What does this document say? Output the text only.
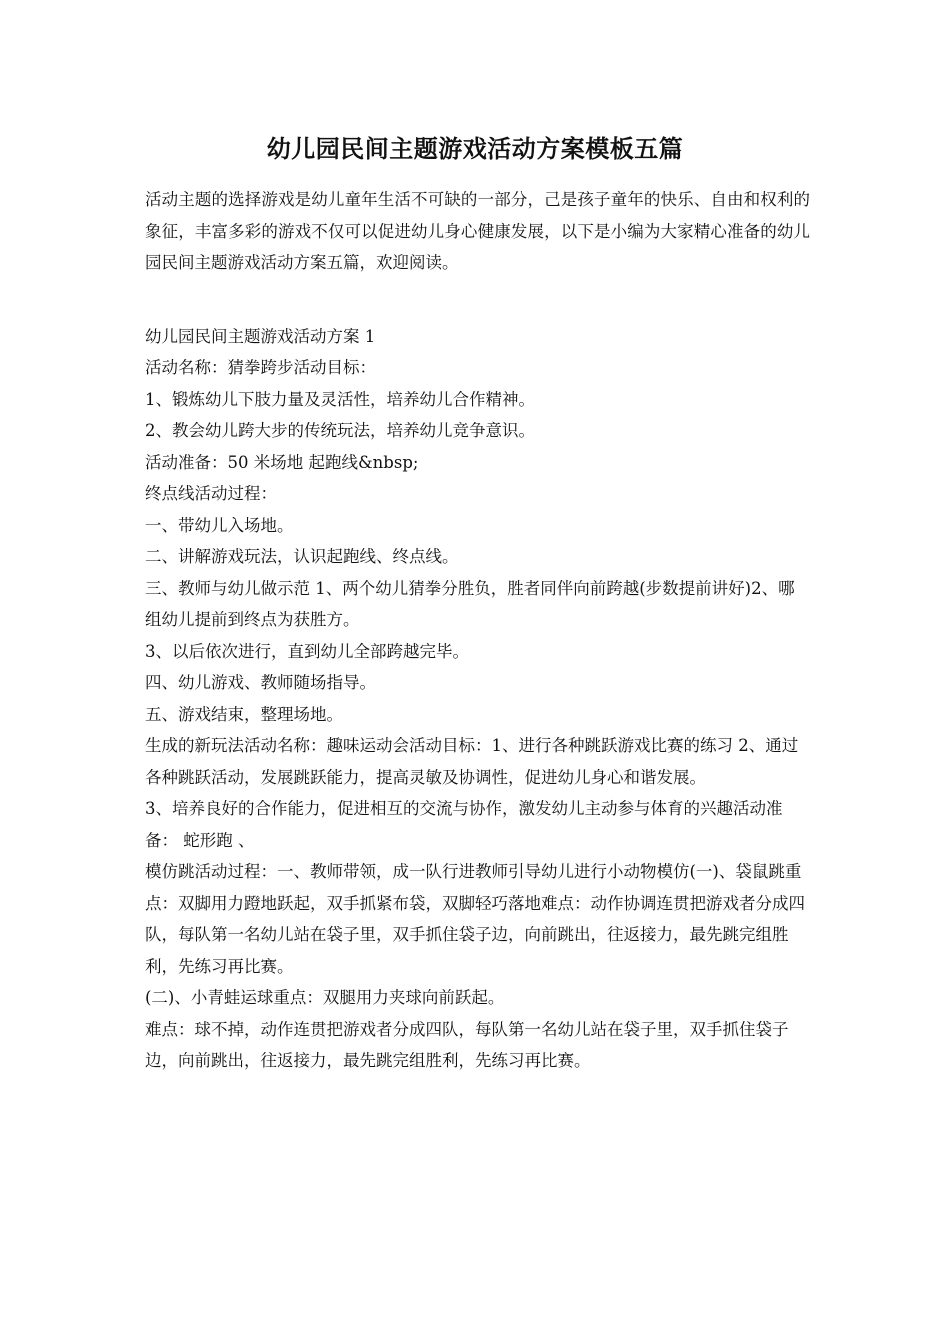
幼儿园民间主题游戏活动方案模板五篇

活动主题的选择游戏是幼儿童年生活不可缺的一部分，己是孩子童年的快乐、自由和权利的象征，丰富多彩的游戏不仅可以促进幼儿身心健康发展，以下是小编为大家精心准备的幼儿园民间主题游戏活动方案五篇，欢迎阅读。

幼儿园民间主题游戏活动方案 1

活动名称：猜拳跨步活动目标：

1、锻炼幼儿下肢力量及灵活性，培养幼儿合作精神。

2、教会幼儿跨大步的传统玩法，培养幼儿竞争意识。

活动准备：50 米场地 起跑线&nbsp;

终点线活动过程：

一、带幼儿入场地。

二、讲解游戏玩法，认识起跑线、终点线。

三、教师与幼儿做示范 1、两个幼儿猜拳分胜负，胜者同伴向前跨越(步数提前讲好)2、哪组幼儿提前到终点为获胜方。

3、以后依次进行，直到幼儿全部跨越完毕。

四、幼儿游戏、教师随场指导。

五、游戏结束，整理场地。

生成的新玩法活动名称：趣味运动会活动目标：1、进行各种跳跃游戏比赛的练习 2、通过各种跳跃活动，发展跳跃能力，提高灵敏及协调性，促进幼儿身心和谐发展。

3、培养良好的合作能力，促进相互的交流与协作，激发幼儿主动参与体育的兴趣活动准备： 蛇形跑 、

模仿跳活动过程：一、教师带领，成一队行进教师引导幼儿进行小动物模仿(一)、袋鼠跳重点：双脚用力蹬地跃起，双手抓紧布袋，双脚轻巧落地难点：动作协调连贯把游戏者分成四队，每队第一名幼儿站在袋子里，双手抓住袋子边，向前跳出，往返接力，最先跳完组胜利，先练习再比赛。

(二)、小青蛙运球重点：双腿用力夹球向前跃起。

难点：球不掉，动作连贯把游戏者分成四队，每队第一名幼儿站在袋子里，双手抓住袋子边，向前跳出，往返接力，最先跳完组胜利，先练习再比赛。
